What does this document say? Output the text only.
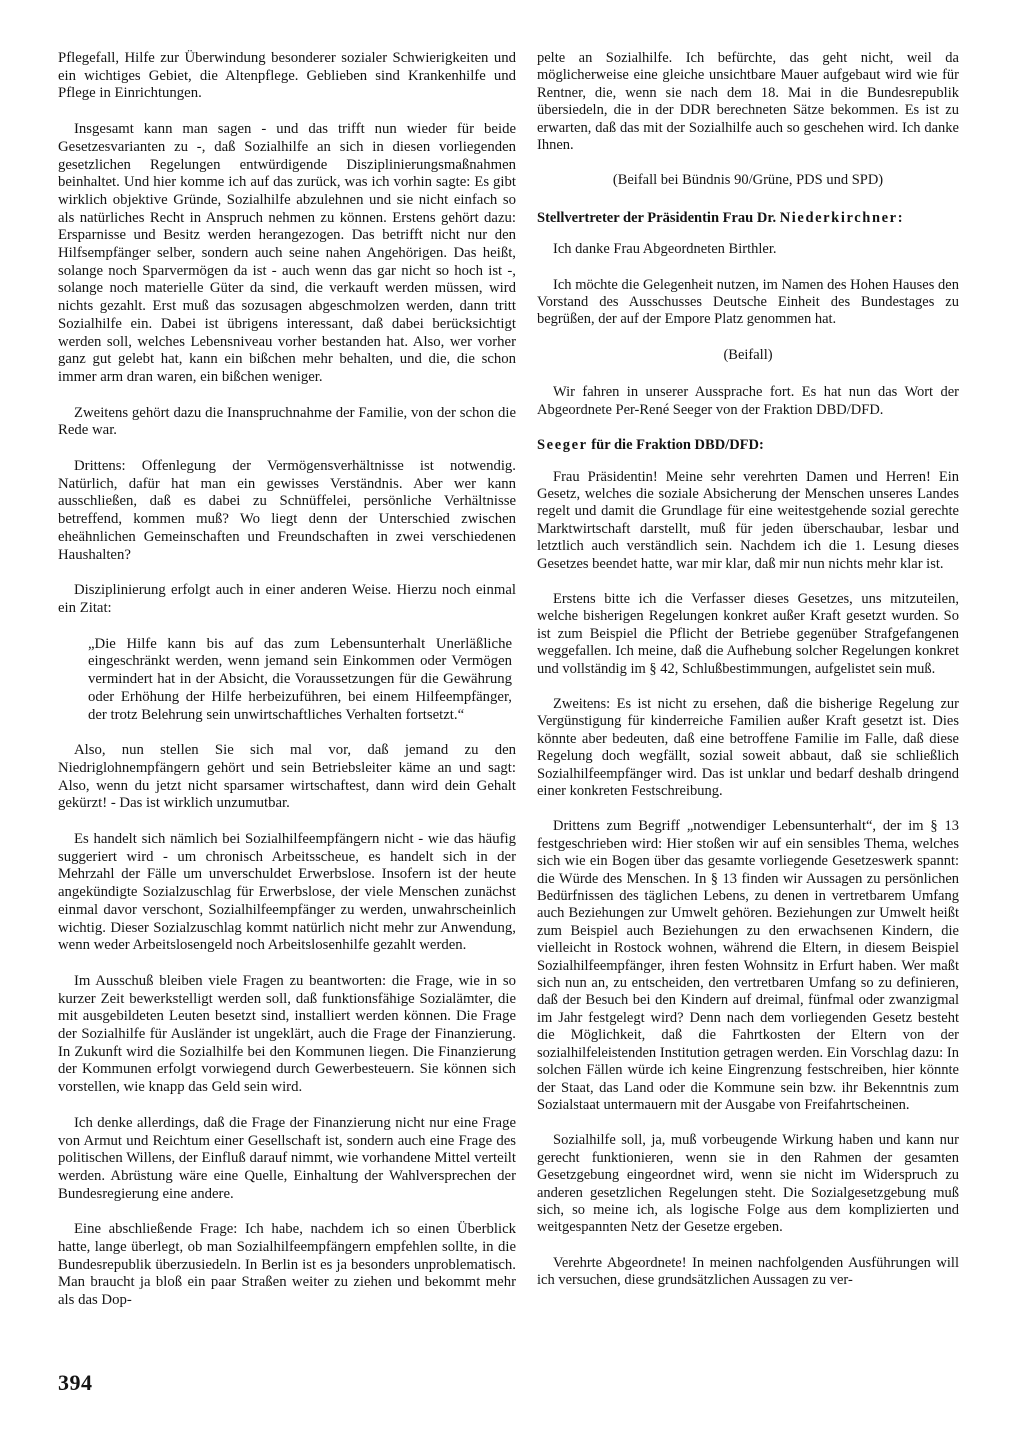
Pflegefall, Hilfe zur Überwindung besonderer sozialer Schwierigkeiten und ein wichtiges Gebiet, die Altenpflege. Geblieben sind Krankenhilfe und Pflege in Einrichtungen.

Insgesamt kann man sagen - und das trifft nun wieder für beide Gesetzesvarianten zu -, daß Sozialhilfe an sich in diesen vorliegenden gesetzlichen Regelungen entwürdigende Disziplinierungsmaßnahmen beinhaltet. Und hier komme ich auf das zurück, was ich vorhin sagte: Es gibt wirklich objektive Gründe, Sozialhilfe abzulehnen und sie nicht einfach so als natürliches Recht in Anspruch nehmen zu können. Erstens gehört dazu: Ersparnisse und Besitz werden herangezogen. Das betrifft nicht nur den Hilfsempfänger selber, sondern auch seine nahen Angehörigen. Das heißt, solange noch Sparvermögen da ist - auch wenn das gar nicht so hoch ist -, solange noch materielle Güter da sind, die verkauft werden müssen, wird nichts gezahlt. Erst muß das sozusagen abgeschmolzen werden, dann tritt Sozialhilfe ein. Dabei ist übrigens interessant, daß dabei berücksichtigt werden soll, welches Lebensniveau vorher bestanden hat. Also, wer vorher ganz gut gelebt hat, kann ein bißchen mehr behalten, und die, die schon immer arm dran waren, ein bißchen weniger.

Zweitens gehört dazu die Inanspruchnahme der Familie, von der schon die Rede war.

Drittens: Offenlegung der Vermögensverhältnisse ist notwendig. Natürlich, dafür hat man ein gewisses Verständnis. Aber wer kann ausschließen, daß es dabei zu Schnüffelei, persönliche Verhältnisse betreffend, kommen muß? Wo liegt denn der Unterschied zwischen eheähnlichen Gemeinschaften und Freundschaften in zwei verschiedenen Haushalten?

Disziplinierung erfolgt auch in einer anderen Weise. Hierzu noch einmal ein Zitat:

„Die Hilfe kann bis auf das zum Lebensunterhalt Unerläßliche eingeschränkt werden, wenn jemand sein Einkommen oder Vermögen vermindert hat in der Absicht, die Voraussetzungen für die Gewährung oder Erhöhung der Hilfe herbeizuführen, bei einem Hilfeempfänger, der trotz Belehrung sein unwirtschaftliches Verhalten fortsetzt.“

Also, nun stellen Sie sich mal vor, daß jemand zu den Niedriglohnempfängern gehört und sein Betriebsleiter käme an und sagt: Also, wenn du jetzt nicht sparsamer wirtschaftest, dann wird dein Gehalt gekürzt! - Das ist wirklich unzumutbar.

Es handelt sich nämlich bei Sozialhilfeempfängern nicht - wie das häufig suggeriert wird - um chronisch Arbeitsscheue, es handelt sich in der Mehrzahl der Fälle um unverschuldet Erwerbslose. Insofern ist der heute angekündigte Sozialzuschlag für Erwerbslose, der viele Menschen zunächst einmal davor verschont, Sozialhilfeempfänger zu werden, unwahrscheinlich wichtig. Dieser Sozialzuschlag kommt natürlich nicht mehr zur Anwendung, wenn weder Arbeitslosengeld noch Arbeitslosenhilfe gezahlt werden.

Im Ausschuß bleiben viele Fragen zu beantworten: die Frage, wie in so kurzer Zeit bewerkstelligt werden soll, daß funktionsfähige Sozialämter, die mit ausgebildeten Leuten besetzt sind, installiert werden können. Die Frage der Sozialhilfe für Ausländer ist ungeklärt, auch die Frage der Finanzierung. In Zukunft wird die Sozialhilfe bei den Kommunen liegen. Die Finanzierung der Kommunen erfolgt vorwiegend durch Gewerbesteuern. Sie können sich vorstellen, wie knapp das Geld sein wird.

Ich denke allerdings, daß die Frage der Finanzierung nicht nur eine Frage von Armut und Reichtum einer Gesellschaft ist, sondern auch eine Frage des politischen Willens, der Einfluß darauf nimmt, wie vorhandene Mittel verteilt werden. Abrüstung wäre eine Quelle, Einhaltung der Wahlversprechen der Bundesregierung eine andere.

Eine abschließende Frage: Ich habe, nachdem ich so einen Überblick hatte, lange überlegt, ob man Sozialhilfeempfängern empfehlen sollte, in die Bundesrepublik überzusiedeln. In Berlin ist es ja besonders unproblematisch. Man braucht ja bloß ein paar Straßen weiter zu ziehen und bekommt mehr als das Dop-

pelte an Sozialhilfe. Ich befürchte, das geht nicht, weil da möglicherweise eine gleiche unsichtbare Mauer aufgebaut wird wie für Rentner, die, wenn sie nach dem 18. Mai in die Bundesrepublik übersiedeln, die in der DDR berechneten Sätze bekommen. Es ist zu erwarten, daß das mit der Sozialhilfe auch so geschehen wird. Ich danke Ihnen.

(Beifall bei Bündnis 90/Grüne, PDS und SPD)

Stellvertreter der Präsidentin Frau Dr. Niederkirchner:

Ich danke Frau Abgeordneten Birthler.

Ich möchte die Gelegenheit nutzen, im Namen des Hohen Hauses den Vorstand des Ausschusses Deutsche Einheit des Bundestages zu begrüßen, der auf der Empore Platz genommen hat.

(Beifall)

Wir fahren in unserer Aussprache fort. Es hat nun das Wort der Abgeordnete Per-René Seeger von der Fraktion DBD/DFD.

Seeger für die Fraktion DBD/DFD:

Frau Präsidentin! Meine sehr verehrten Damen und Herren! Ein Gesetz, welches die soziale Absicherung der Menschen unseres Landes regelt und damit die Grundlage für eine weitestgehende sozial gerechte Marktwirtschaft darstellt, muß für jeden überschaubar, lesbar und letztlich auch verständlich sein. Nachdem ich die 1. Lesung dieses Gesetzes beendet hatte, war mir klar, daß mir nun nichts mehr klar ist.

Erstens bitte ich die Verfasser dieses Gesetzes, uns mitzuteilen, welche bisherigen Regelungen konkret außer Kraft gesetzt wurden. So ist zum Beispiel die Pflicht der Betriebe gegenüber Strafgefangenen weggefallen. Ich meine, daß die Aufhebung solcher Regelungen konkret und vollständig im § 42, Schlußbestimmungen, aufgelistet sein muß.

Zweitens: Es ist nicht zu ersehen, daß die bisherige Regelung zur Vergünstigung für kinderreiche Familien außer Kraft gesetzt ist. Dies könnte aber bedeuten, daß eine betroffene Familie im Falle, daß diese Regelung doch wegfällt, sozial soweit abbaut, daß sie schließlich Sozialhilfeempfänger wird. Das ist unklar und bedarf deshalb dringend einer konkreten Festschreibung.

Drittens zum Begriff „notwendiger Lebensunterhalt“, der im § 13 festgeschrieben wird: Hier stoßen wir auf ein sensibles Thema, welches sich wie ein Bogen über das gesamte vorliegende Gesetzeswerk spannt: die Würde des Menschen. In § 13 finden wir Aussagen zu persönlichen Bedürfnissen des täglichen Lebens, zu denen in vertretbarem Umfang auch Beziehungen zur Umwelt gehören. Beziehungen zur Umwelt heißt zum Beispiel auch Beziehungen zu den erwachsenen Kindern, die vielleicht in Rostock wohnen, während die Eltern, in diesem Beispiel Sozialhilfeempfänger, ihren festen Wohnsitz in Erfurt haben. Wer maßt sich nun an, zu entscheiden, den vertretbaren Umfang so zu definieren, daß der Besuch bei den Kindern auf dreimal, fünfmal oder zwanzigmal im Jahr festgelegt wird? Denn nach dem vorliegenden Gesetz besteht die Möglichkeit, daß die Fahrtkosten der Eltern von der sozialhilfeleistenden Institution getragen werden. Ein Vorschlag dazu: In solchen Fällen würde ich keine Eingrenzung festschreiben, hier könnte der Staat, das Land oder die Kommune sein bzw. ihr Bekenntnis zum Sozialstaat untermauern mit der Ausgabe von Freifahrtscheinen.

Sozialhilfe soll, ja, muß vorbeugende Wirkung haben und kann nur gerecht funktionieren, wenn sie in den Rahmen der gesamten Gesetzgebung eingeordnet wird, wenn sie nicht im Widerspruch zu anderen gesetzlichen Regelungen steht. Die Sozialgesetzgebung muß sich, so meine ich, als logische Folge aus dem komplizierten und weitgespannten Netz der Gesetze ergeben.

Verehrte Abgeordnete! In meinen nachfolgenden Ausführungen will ich versuchen, diese grundsätzlichen Aussagen zu ver-

394
